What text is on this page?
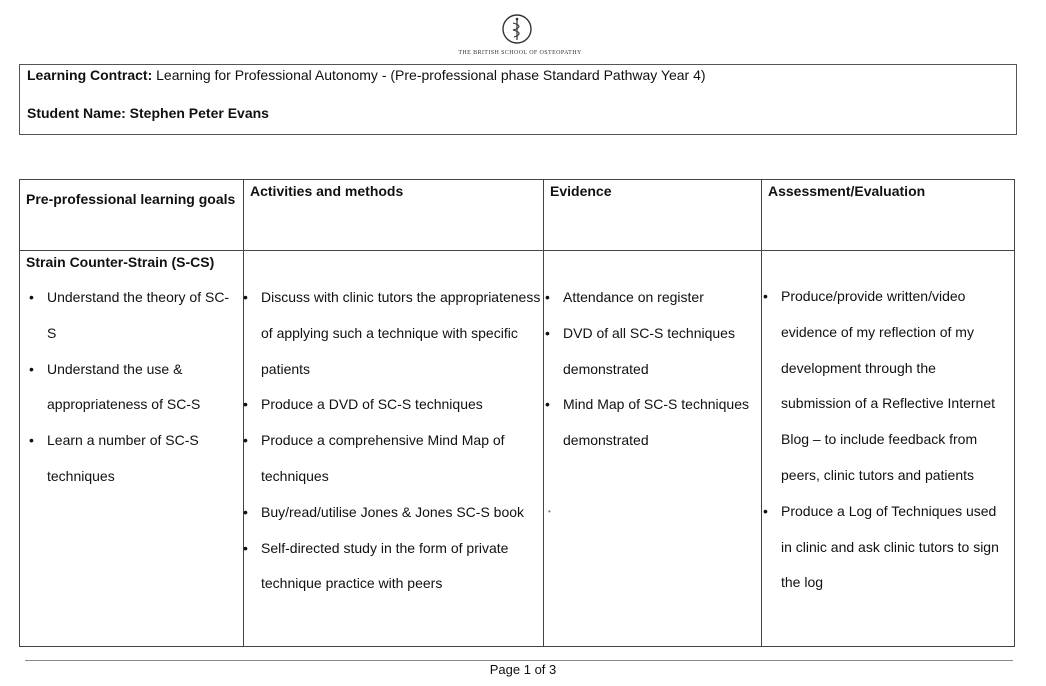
THE BRITISH SCHOOL OF OSTEOPATHY
Learning Contract: Learning for Professional Autonomy - (Pre-professional phase Standard Pathway Year 4)
Student Name: Stephen Peter Evans
Pre-professional learning goals Activities and methods	Evidence	Assessment/Evaluation
Strain Counter-Strain (S-CS)
• Understand the theory of SC-S
• Understand the use & appropriateness of SC-S
• Learn a number of SC-S techniques
• Discuss with clinic tutors the appropriateness of applying such a technique with specific patients
• Produce a DVD of SC-S techniques
• Produce a comprehensive Mind Map of techniques
• Buy/read/utilise Jones & Jones SC-S book
• Self-directed study in the form of private technique practice with peers
• Attendance on register
• DVD of all SC-S techniques demonstrated
• Mind Map of SC-S techniques demonstrated
• Produce/provide written/video evidence of my reflection of my development through the submission of a Reflective Internet Blog – to include feedback from peers, clinic tutors and patients
• Produce a Log of Techniques used in clinic and ask clinic tutors to sign the log
•
Page 1 of 3
